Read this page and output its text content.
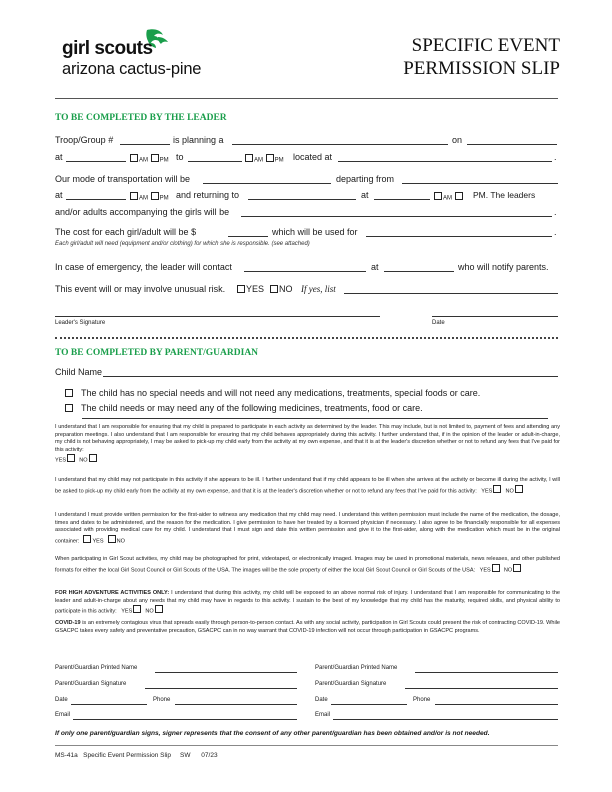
girl scouts
arizona cactus-pine
SPECIFIC EVENT
PERMISSION SLIP
TO BE COMPLETED BY THE LEADER
Troop/Group #	is planning a	on
at	AM PM to	AM PM located at	.
Our mode of transportation will be	departing from
at	AM PM and returning to	at	AM	PM. The leaders
and/or adults accompanying the girls will be	.
The cost for each girl/adult will be $	which will be used for	.
Each girl/adult will need (equipment and/or clothing) for which she is responsible. (see attached)
In case of emergency, the leader will contact	at	who will notify parents.
This event will or may involve unusual risk.	YES NO If yes, list
Leader's Signature	Date
TO BE COMPLETED BY PARENT/GUARDIAN
Child Name
The child has no special needs and will not need any medications, treatments, special foods or care.
The child needs or may need any of the following medicines, treatments, food or care.
I understand that I am responsible for ensuring that my child is prepared to participate in each activity as determined by the leader. This may include, but is not limited to, payment of fees and attending any preparation meetings. I also understand that I am responsible for ensuring that my child behaves appropriately during this activity. I further understand that, if in the opinion of the leader or adult-in-charge, my child is not behaving appropriately, I may be asked to pick-up my child early from the activity at my own expense, and that it is at the leader's discretion whether or not to refund any fees that I've paid for this activity:
YES NO
I understand that my child may not participate in this activity if she appears to be ill. I further understand that if my child appears to be ill when she arrives at the activity or become ill during the activity, I will be asked to pick-up my child early from the activity at my own expense, and that it is at the leader's discretion whether or not to refund any fees that I've paid for this activity: YES NO
I understand I must provide written permission for the first-aider to witness any medication that my child may need. I understand this written permission must include the name of the medication, the dosage, times and dates to be administered, and the reason for the medication. I give permission to have her treated by a licensed physician if necessary. I also agree to be financially responsible for all expenses associated with providing medical care for my child. I understand that I must sign and date this written permission and give it to the first-aider, along with the medication which must be in the original container: YES NO
When participating in Girl Scout activities, my child may be photographed for print, videotaped, or electronically imaged. Images may be used in promotional materials, news releases, and other published formats for either the local Girl Scout Council or Girl Scouts of the USA. The images will be the sole property of either the local Girl Scout Council or Girl Scouts of the USA: YES NO
FOR HIGH ADVENTURE ACTIVITIES ONLY: I understand that during this activity, my child will be exposed to an above normal risk of injury. I understand that I am responsible for communicating to the leader and adult-in-charge about any needs that my child may have in regards to this activity. I sustain to the best of my knowledge that my child has the maturity, required skills, and physical ability to participate in this activity: YES NO
COVID-19 is an extremely contagious virus that spreads easily through person-to-person contact. As with any social activity, participation in Girl Scouts could present the risk of contracting COVID-19. While GSACPC takes every safety and preventative precaution, GSACPC can in no way warrant that COVID-19 infection will not occur through participation in GSACPC programs.
Parent/Guardian Printed Name	Parent/Guardian Printed Name
Parent/Guardian Signature	Parent/Guardian Signature
Date	Phone	Date	Phone
Email	Email
If only one parent/guardian signs, signer represents that the consent of any other parent/guardian has been obtained and/or is not needed.
MS-41a   Specific Event Permission Slip     SW      07/23
